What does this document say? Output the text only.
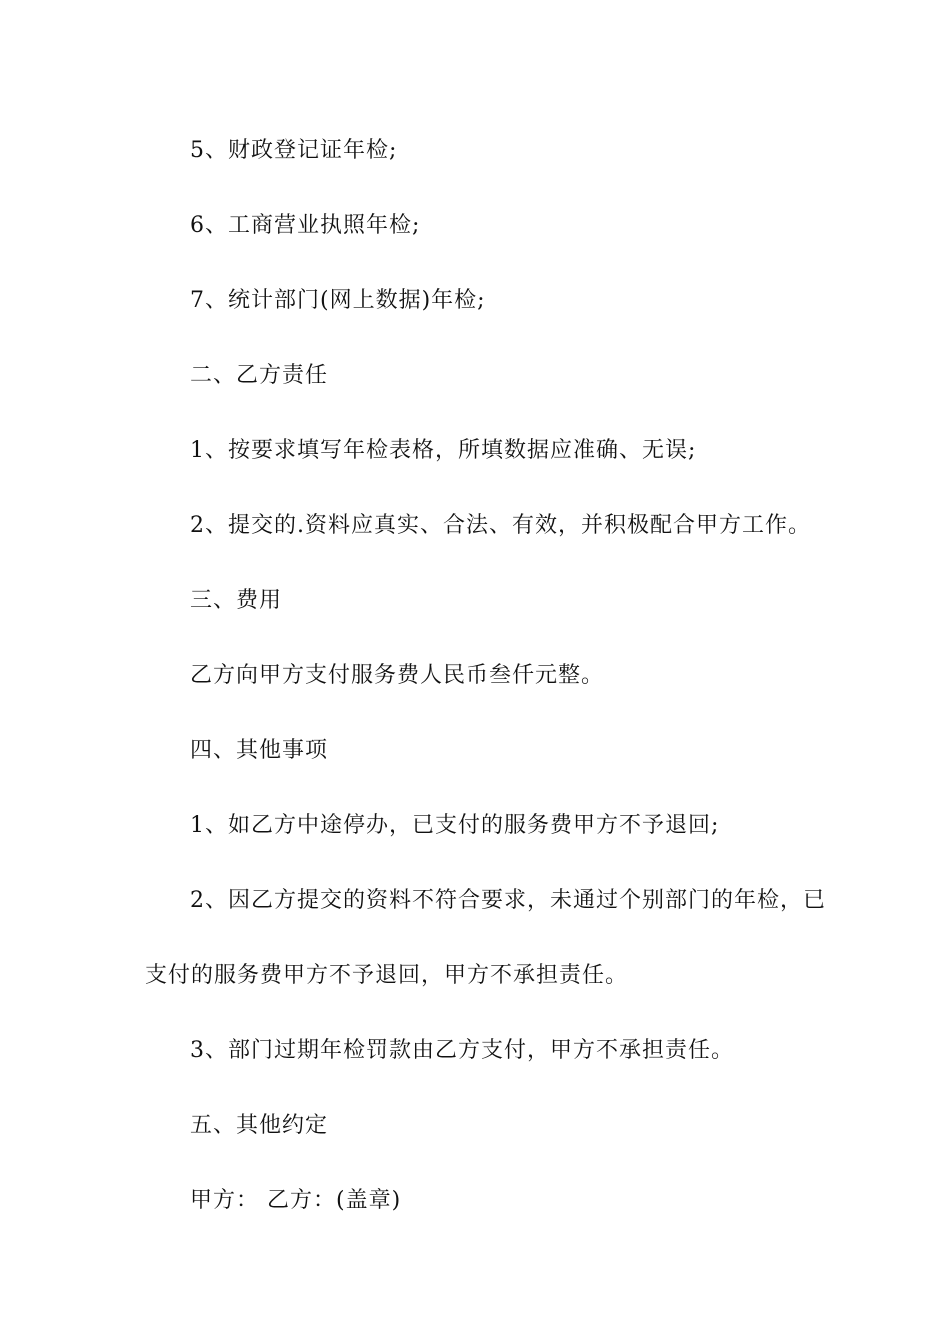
5、财政登记证年检;
6、工商营业执照年检;
7、统计部门(网上数据)年检;
二、乙方责任
1、按要求填写年检表格，所填数据应准确、无误;
2、提交的.资料应真实、合法、有效，并积极配合甲方工作。
三、费用
乙方向甲方支付服务费人民币叁仟元整。
四、其他事项
1、如乙方中途停办，已支付的服务费甲方不予退回;
2、因乙方提交的资料不符合要求，未通过个别部门的年检，已
支付的服务费甲方不予退回，甲方不承担责任。
3、部门过期年检罚款由乙方支付，甲方不承担责任。
五、其他约定
甲方： 乙方：(盖章)
